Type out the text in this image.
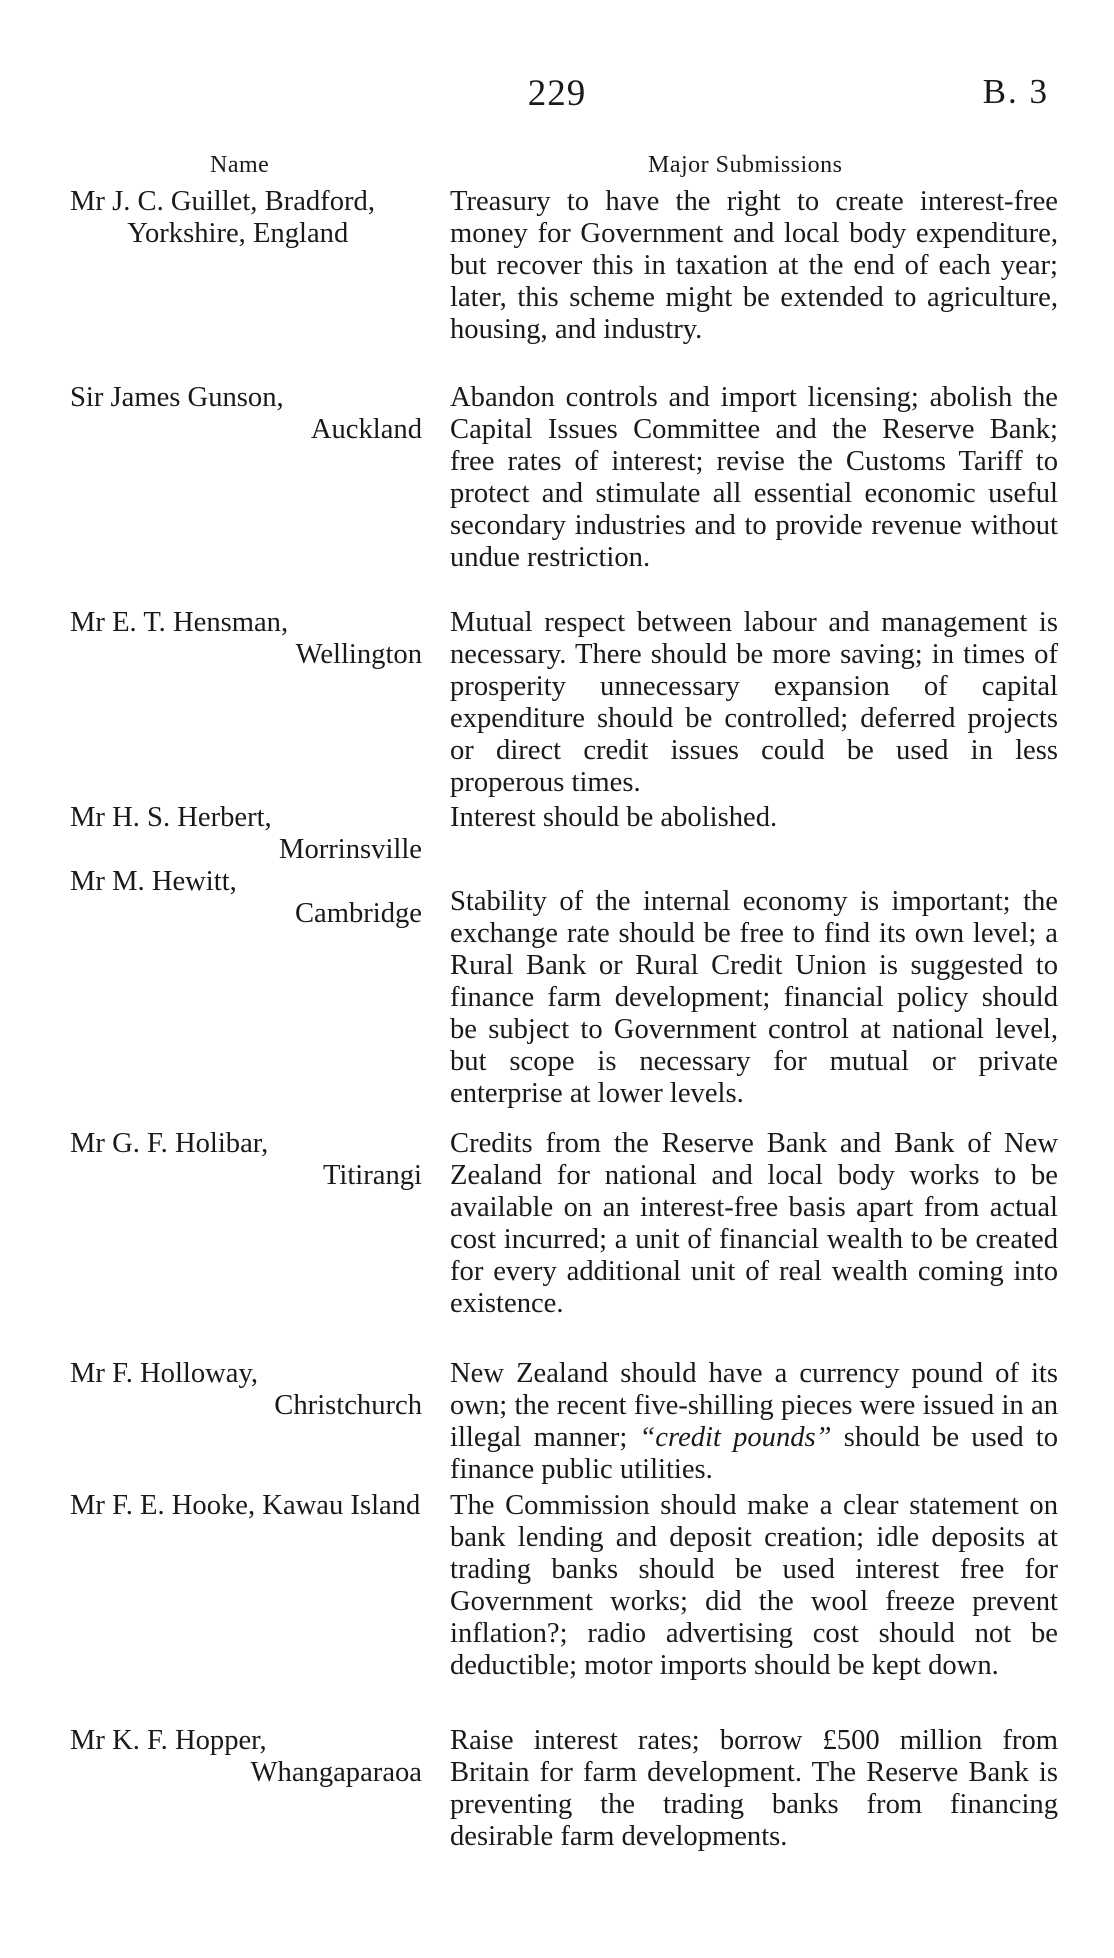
229	B. 3
Name	Major Submissions
Mr J. C. Guillet, Bradford, Yorkshire, England
Treasury to have the right to create interest-free money for Government and local body expenditure, but recover this in taxation at the end of each year; later, this scheme might be extended to agriculture, housing, and industry.
Sir James Gunson,
Auckland
Abandon controls and import licensing; abolish the Capital Issues Committee and the Reserve Bank; free rates of interest; revise the Customs Tariff to protect and stimulate all essential economic useful secondary industries and to provide revenue without undue restriction.
Mr E. T. Hensman,
Wellington
Mutual respect between labour and management is necessary. There should be more saving; in times of prosperity unnecessary expansion of capital expenditure should be controlled; deferred projects or direct credit issues could be used in less properous times.
Mr H. S. Herbert,
Morrinsville
Interest should be abolished.
Mr M. Hewitt,
Cambridge Stability of the internal economy is important; the exchange rate should be free to find its own level; a Rural Bank or Rural Credit Union is suggested to finance farm development; financial policy should be subject to Government control at national level, but scope is necessary for mutual or private enterprise at lower levels.
Mr G. F. Holibar,
Titirangi
Credits from the Reserve Bank and Bank of New Zealand for national and local body works to be available on an interest-free basis apart from actual cost incurred; a unit of financial wealth to be created for every additional unit of real wealth coming into existence.
Mr F. Holloway,
Christchurch
New Zealand should have a currency pound of its own; the recent five-shilling pieces were issued in an illegal manner; “credit pounds” should be used to finance public utilities.
Mr F. E. Hooke, Kawau Island The Commission should make a clear statement on bank lending and deposit creation; idle deposits at trading banks should be used interest free for Government works; did the wool freeze prevent inflation?; radio advertising cost should not be deductible; motor imports should be kept down.
Mr K. F. Hopper,
Whangaparaoa
Raise interest rates; borrow £500 million from Britain for farm development. The Reserve Bank is preventing the trading banks from financing desirable farm developments.
